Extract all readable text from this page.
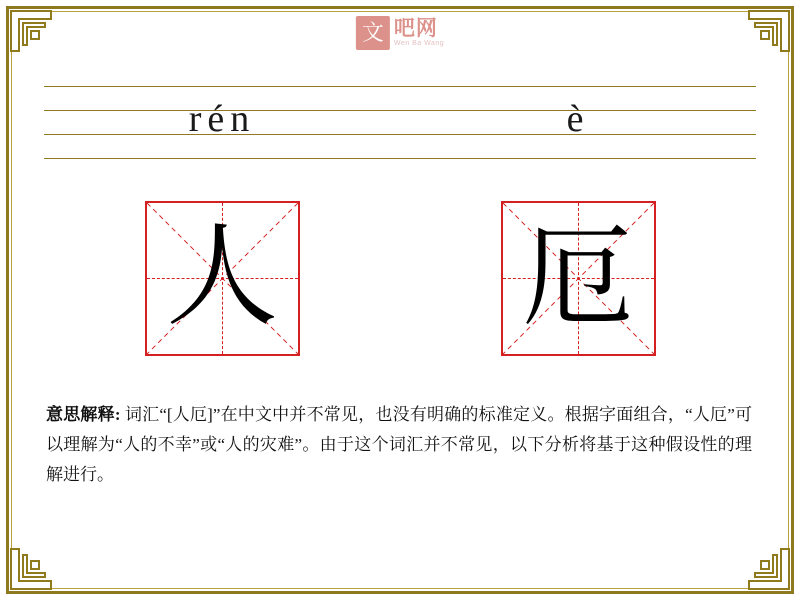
文 吧网
Wen Ba Wang
rén	è
人 厄
意思解释: 词汇“[人厄]”在中文中并不常见，也没有明确的标准定义。根据字面组合，“人厄”可以理解为“人的不幸”或“人的灾难”。由于这个词汇并不常见，以下分析将基于这种假设性的理解进行。
